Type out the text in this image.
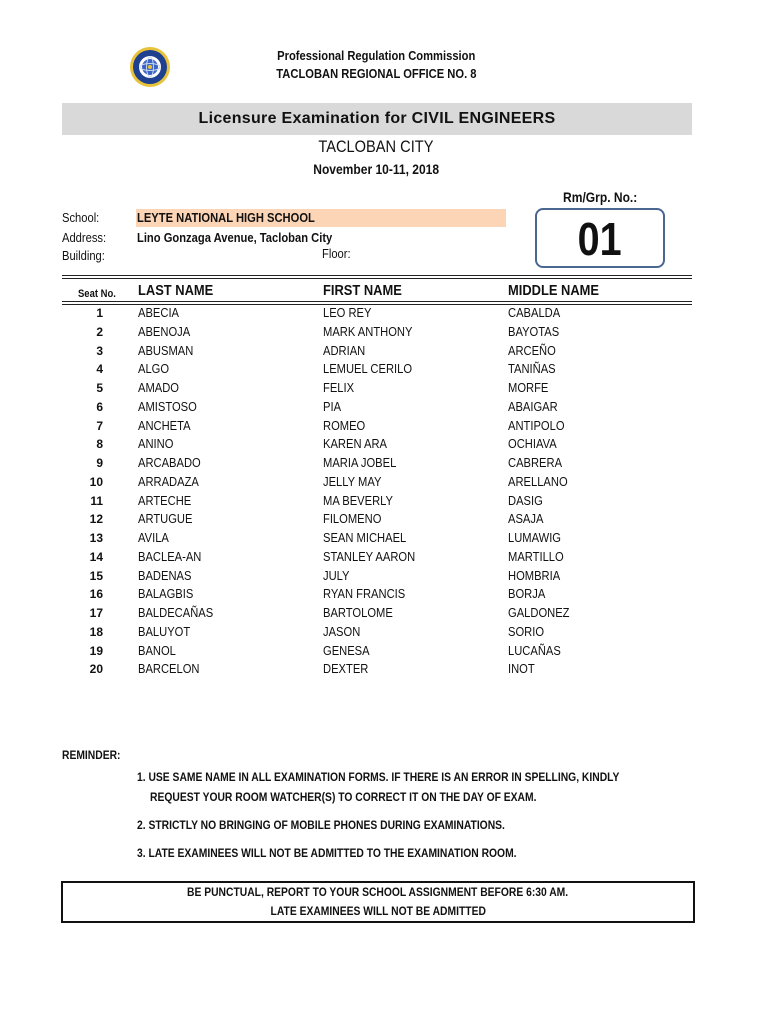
Professional Regulation Commission
TACLOBAN REGIONAL OFFICE NO. 8
Licensure Examination for CIVIL ENGINEERS
TACLOBAN CITY
November 10-11, 2018
Rm/Grp. No.:
01
School:	LEYTE NATIONAL HIGH SCHOOL
Address:	Lino Gonzaga Avenue, Tacloban City
Building:	Floor:
Seat No.	LAST NAME	FIRST NAME	MIDDLE NAME
1	ABECIA	LEO REY	CABALDA
2	ABENOJA	MARK ANTHONY	BAYOTAS
3	ABUSMAN	ADRIAN	ARCEÑO
4	ALGO	LEMUEL CERILO	TANIÑAS
5	AMADO	FELIX	MORFE
6	AMISTOSO	PIA	ABAIGAR
7	ANCHETA	ROMEO	ANTIPOLO
8	ANINO	KAREN ARA	OCHIAVA
9	ARCABADO	MARIA JOBEL	CABRERA
10	ARRADAZA	JELLY MAY	ARELLANO
11	ARTECHE	MA BEVERLY	DASIG
12	ARTUGUE	FILOMENO	ASAJA
13	AVILA	SEAN MICHAEL	LUMAWIG
14	BACLEA-AN	STANLEY AARON	MARTILLO
15	BADENAS	JULY	HOMBRIA
16	BALAGBIS	RYAN FRANCIS	BORJA
17	BALDECAÑAS	BARTOLOME	GALDONEZ
18	BALUYOT	JASON	SORIO
19	BANOL	GENESA	LUCAÑAS
20	BARCELON	DEXTER	INOT
REMINDER:
1. USE SAME NAME IN ALL EXAMINATION FORMS. IF THERE IS AN ERROR IN SPELLING, KINDLY
REQUEST YOUR ROOM WATCHER(S) TO CORRECT IT ON THE DAY OF EXAM.
2. STRICTLY NO BRINGING OF MOBILE PHONES DURING EXAMINATIONS.
3. LATE EXAMINEES WILL NOT BE ADMITTED TO THE EXAMINATION ROOM.
BE PUNCTUAL, REPORT TO YOUR SCHOOL ASSIGNMENT BEFORE 6:30 AM.
LATE EXAMINEES WILL NOT BE ADMITTED
